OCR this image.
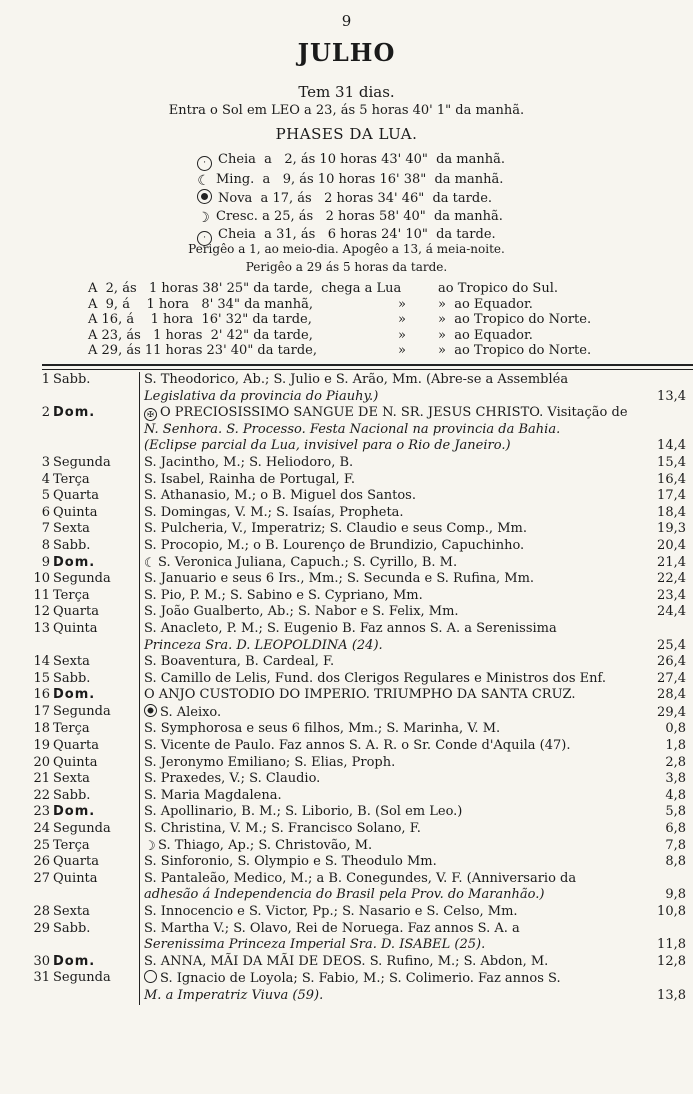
9
JULHO
Tem 31 dias.
Entra o Sol em LEO a 23, ás 5 horas 40' 1" da manhã.
PHASES DA LUA.
·Cheia  a   2, ás 10 horas 43' 40"  da manhã.
☾ Ming.  a   9, ás 10 horas 16' 38"  da manhã.
Nova  a 17, ás   2 horas 34' 46"  da tarde.
☽ Cresc. a 25, ás   2 horas 58' 40"  da manhã.
·Cheia  a 31, ás   6 horas 24' 10"  da tarde.
Perigêo a 1, ao meio-dia. Apogêo a 13, á meia-noite.
Perigêo a 29 ás 5 horas da tarde.
A  2, ás   1 horas 38' 25" da tarde,  chega a Lua	ao Tropico do Sul.
A  9, á    1 hora   8' 34" da manhã,	» »  ao Equador.
A 16, á    1 hora  16' 32" da tarde,	» »  ao Tropico do Norte.
A 23, ás   1 horas  2' 42" da tarde,	» »  ao Equador.
A 29, ás 11 horas 23' 40" da tarde,	» »  ao Tropico do Norte.
1	Sabb.	S. Theodorico, Ab.; S. Julio e S. Arão, Mm. (Abre-se a Assembléa
Legislativa da provincia do Piauhy.)	13,4
2	Dom.	✠ O PRECIOSISSIMO SANGUE DE N. SR. JESUS CHRISTO. Visitação de
N. Senhora. S. Processo. Festa Nacional na provincia da Bahia.
(Eclipse parcial da Lua, invisivel para o Rio de Janeiro.)	14,4
3	Segunda	S. Jacintho, M.; S. Heliodoro, B.	15,4
4	Terça	S. Isabel, Rainha de Portugal, F.	16,4
5	Quarta	S. Athanasio, M.; o B. Miguel dos Santos.	17,4
6	Quinta	S. Domingas, V. M.; S. Isaías, Propheta.	18,4
7	Sexta	S. Pulcheria, V., Imperatriz; S. Claudio e seus Comp., Mm.	19,3
8	Sabb.	S. Procopio, M.; o B. Lourenço de Brundizio, Capuchinho.	20,4
9	Dom.	☾ S. Veronica Juliana, Capuch.; S. Cyrillo, B. M.	21,4
10	Segunda	S. Januario e seus 6 Irs., Mm.; S. Secunda e S. Rufina, Mm.	22,4
11	Terça	S. Pio, P. M.; S. Sabino e S. Cypriano, Mm.	23,4
12	Quarta	S. João Gualberto, Ab.; S. Nabor e S. Felix, Mm.	24,4
13	Quinta	S. Anacleto, P. M.; S. Eugenio B. Faz annos S. A. a Serenissima
Princeza Sra. D. LEOPOLDINA (24).	25,4
14	Sexta	S. Boaventura, B. Cardeal, F.	26,4
15	Sabb.	S. Camillo de Lelis, Fund. dos Clerigos Regulares e Ministros dos Enf.	27,4
16	Dom.	O ANJO CUSTODIO DO IMPERIO. TRIUMPHO DA SANTA CRUZ.	28,4
17	Segunda	S. Aleixo.	29,4
18	Terça	S. Symphorosa e seus 6 filhos, Mm.; S. Marinha, V. M.	0,8
19	Quarta	S. Vicente de Paulo. Faz annos S. A. R. o Sr. Conde d'Aquila (47).	1,8
20	Quinta	S. Jeronymo Emiliano; S. Elias, Proph.	2,8
21	Sexta	S. Praxedes, V.; S. Claudio.	3,8
22	Sabb.	S. Maria Magdalena.	4,8
23	Dom.	S. Apollinario, B. M.; S. Liborio, B. (Sol em Leo.)	5,8
24	Segunda	S. Christina, V. M.; S. Francisco Solano, F.	6,8
25	Terça	☽ S. Thiago, Ap.; S. Christovão, M.	7,8
26	Quarta	S. Sinforonio, S. Olympio e S. Theodulo Mm.	8,8
27	Quinta	S. Pantaleão, Medico, M.; a B. Conegundes, V. F. (Anniversario da
adhesão á Independencia do Brasil pela Prov. do Maranhão.)	9,8
28	Sexta	S. Innocencio e S. Victor, Pp.; S. Nasario e S. Celso, Mm.	10,8
29	Sabb.	S. Martha V.; S. Olavo, Rei de Noruega. Faz annos S. A. a
Serenissima Princeza Imperial Sra. D. ISABEL (25).	11,8
30	Dom.	S. ANNA, MÃI DA MÃI DE DEOS. S. Rufino, M.; S. Abdon, M.	12,8
31	Segunda	S. Ignacio de Loyola; S. Fabio, M.; S. Colimerio. Faz annos S.
M. a Imperatriz Viuva (59).	13,8
